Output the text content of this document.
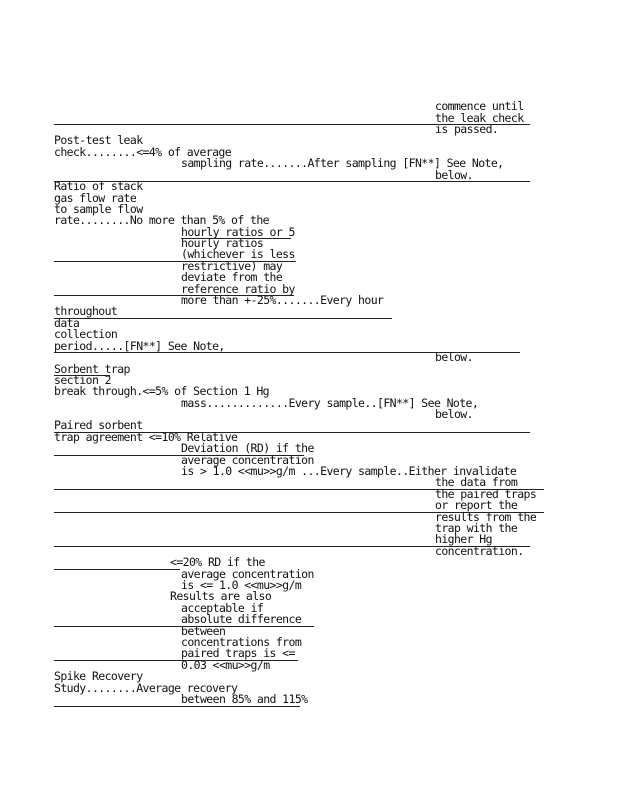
commence until
the leak check
is passed.
Post-test leak
check........<=4% of average
sampling rate.......After sampling [FN**] See Note,
below.
Ratio of stack
gas flow rate
to sample flow
rate........No more than 5% of the
hourly ratios or 5
hourly ratios
(whichever is less
restrictive) may
deviate from the
reference ratio by
more than +-25%.......Every hour
throughout
data
collection
period.....[FN**] See Note,
below.
Sorbent trap
section 2
break through.<=5% of Section 1 Hg
mass.............Every sample..[FN**] See Note,
below.
Paired sorbent
trap agreement <=10% Relative
Deviation (RD) if the
average concentration
is > 1.0 <<mu>>g/m ...Every sample..Either invalidate
the data from
the paired traps
or report the
results from the
trap with the
higher Hg
concentration.
<=20% RD if the
average concentration
is <= 1.0 <<mu>>g/m
Results are also
acceptable if
absolute difference
between
concentrations from
paired traps is <=
0.03 <<mu>>g/m
Spike Recovery
Study........Average recovery
between 85% and 115%
